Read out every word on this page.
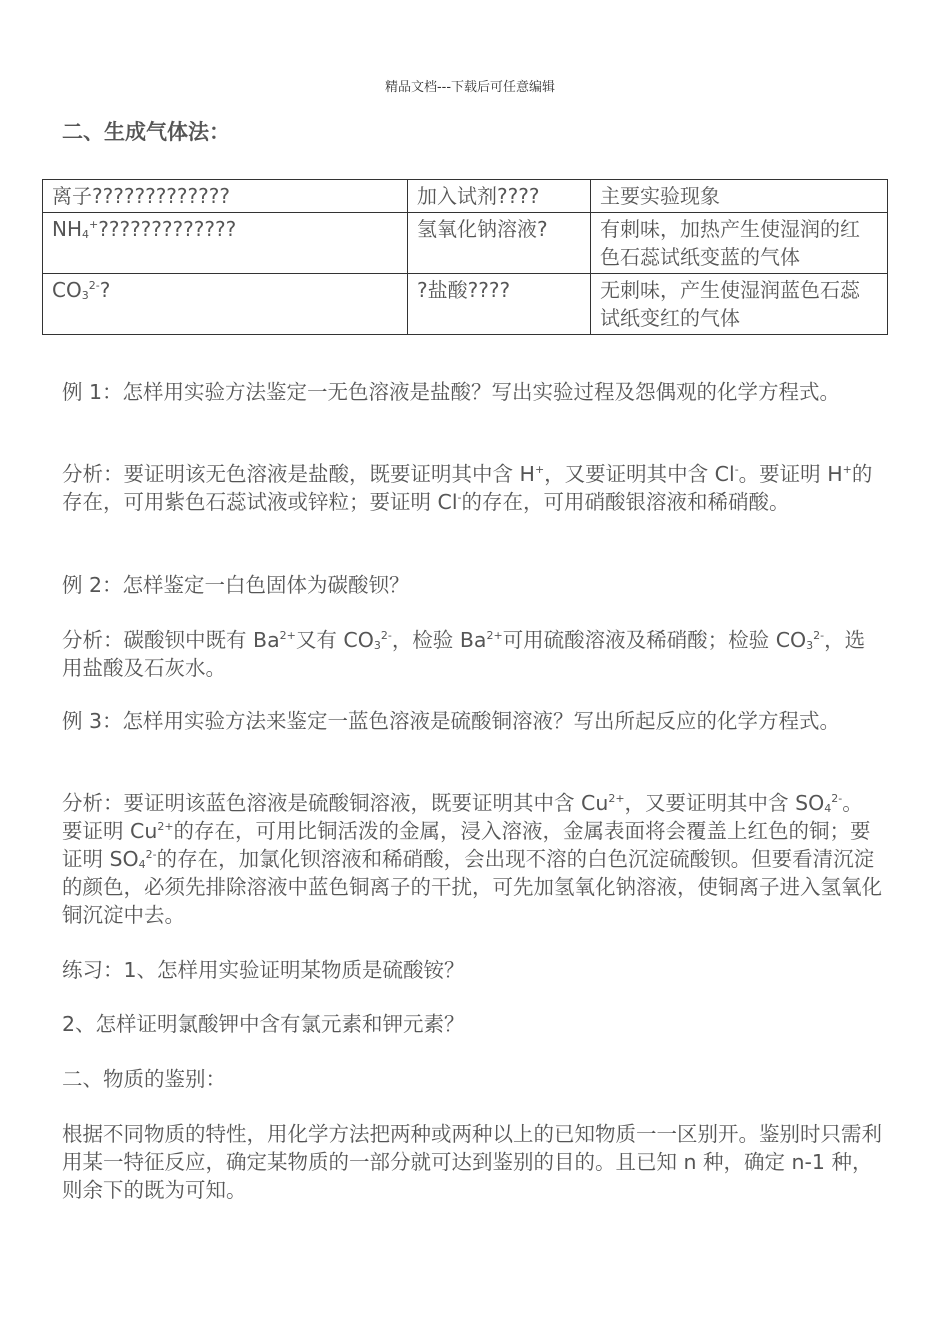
精品文档---下载后可任意编辑
二、生成气体法：
离子?????????????	加入试剂????	主要实验现象
$NH_4^+$?????????????	氢氧化钠溶液?	有刺味，加热产生使湿润的红色石蕊试纸变蓝的气体
$CO_3^{2-}$?	?盐酸????	无刺味，产生使湿润蓝色石蕊试纸变红的气体

例 1：怎样用实验方法鉴定一无色溶液是盐酸？写出实验过程及怨偶观的化学方程式。

分析：要证明该无色溶液是盐酸，既要证明其中含 H+，又要证明其中含 Cl-。要证明 H+的存在，可用紫色石蕊试液或锌粒；要证明 Cl-的存在，可用硝酸银溶液和稀硝酸。

例 2：怎样鉴定一白色固体为碳酸钡？

分析：碳酸钡中既有 $Ba^{2+}$又有 $CO_3^{2-}$，检验 $Ba^{2+}$可用硫酸溶液及稀硝酸；检验 $CO_3^{2-}$，选用盐酸及石灰水。

例 3：怎样用实验方法来鉴定一蓝色溶液是硫酸铜溶液？写出所起反应的化学方程式。

分析：要证明该蓝色溶液是硫酸铜溶液，既要证明其中含 $Cu^{2+}$，又要证明其中含 $SO_4^{2-}$。要证明 $Cu^{2+}$的存在，可用比铜活泼的金属，浸入溶液，金属表面将会覆盖上红色的铜；要证明 $SO_4^{2-}$的存在，加氯化钡溶液和稀硝酸，会出现不溶的白色沉淀硫酸钡。但要看清沉淀的颜色，必须先排除溶液中蓝色铜离子的干扰，可先加氢氧化钠溶液，使铜离子进入氢氧化铜沉淀中去。

练习：1、怎样用实验证明某物质是硫酸铵？

2、怎样证明氯酸钾中含有氯元素和钾元素？

二、物质的鉴别：

根据不同物质的特性，用化学方法把两种或两种以上的已知物质一一区别开。鉴别时只需利用某一特征反应，确定某物质的一部分就可达到鉴别的目的。且已知 n 种，确定 n-1 种，则余下的既为可知。
